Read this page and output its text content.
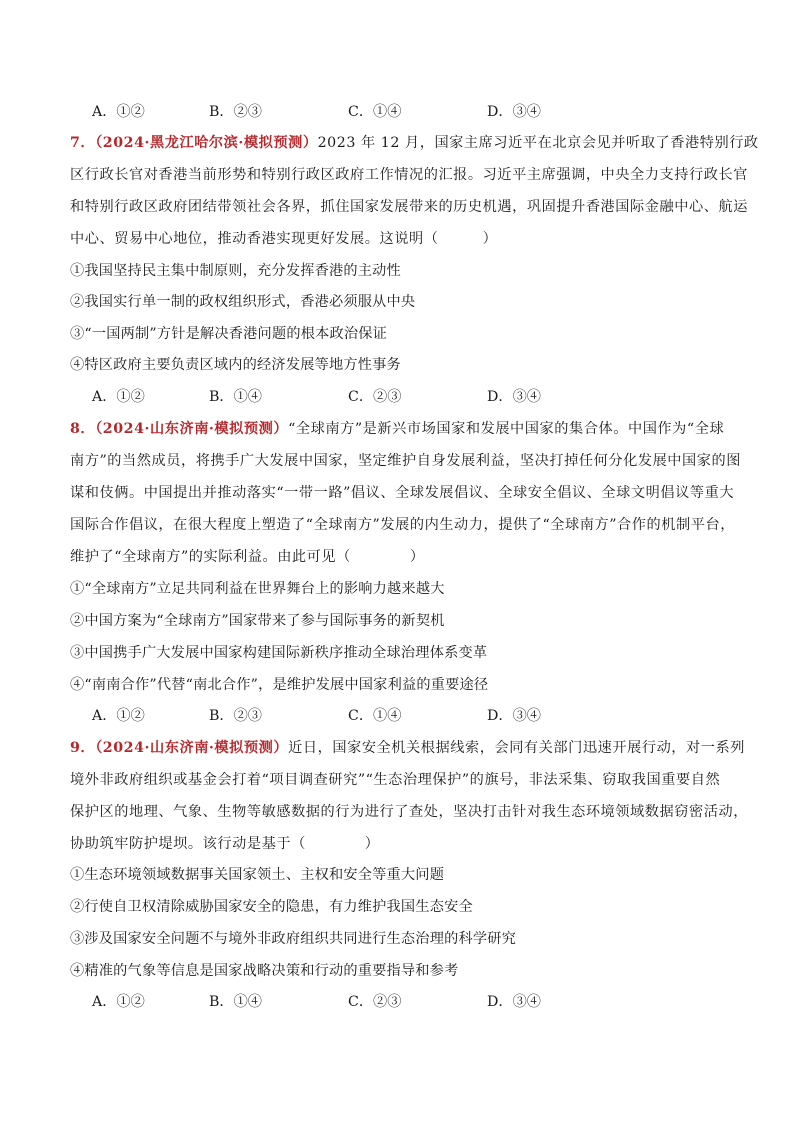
A．①②	B．②③	C．①④	D．③④
7．（2024·黑龙江哈尔滨·模拟预测）2023 年 12 月，国家主席习近平在北京会见并听取了香港特别行政
区行政长官对香港当前形势和特别行政区政府工作情况的汇报。习近平主席强调，中央全力支持行政长官
和特别行政区政府团结带领社会各界，抓住国家发展带来的历史机遇，巩固提升香港国际金融中心、航运
中心、贸易中心地位，推动香港实现更好发展。这说明（　　　）
①我国坚持民主集中制原则，充分发挥香港的主动性
②我国实行单一制的政权组织形式，香港必须服从中央
③“一国两制”方针是解决香港问题的根本政治保证
④特区政府主要负责区域内的经济发展等地方性事务
A．①②	B．①④	C．②③	D．③④
8．（2024·山东济南·模拟预测）“全球南方”是新兴市场国家和发展中国家的集合体。中国作为“全球
南方”的当然成员，将携手广大发展中国家，坚定维护自身发展利益，坚决打掉任何分化发展中国家的图
谋和伎俩。中国提出并推动落实“一带一路”倡议、全球发展倡议、全球安全倡议、全球文明倡议等重大
国际合作倡议，在很大程度上塑造了“全球南方”发展的内生动力，提供了“全球南方”合作的机制平台，
维护了“全球南方”的实际利益。由此可见（　　　　）
①“全球南方”立足共同利益在世界舞台上的影响力越来越大
②中国方案为“全球南方”国家带来了参与国际事务的新契机
③中国携手广大发展中国家构建国际新秩序推动全球治理体系变革
④“南南合作”代替“南北合作”，是维护发展中国家利益的重要途径
A．①②	B．②③	C．①④	D．③④
9．（2024·山东济南·模拟预测）近日，国家安全机关根据线索，会同有关部门迅速开展行动，对一系列
境外非政府组织或基金会打着“项目调查研究”“生态治理保护”的旗号，非法采集、窃取我国重要自然
保护区的地理、气象、生物等敏感数据的行为进行了查处，坚决打击针对我生态环境领域数据窃密活动，
协助筑牢防护堤坝。该行动是基于（　　　　）
①生态环境领域数据事关国家领土、主权和安全等重大问题
②行使自卫权清除威胁国家安全的隐患，有力维护我国生态安全
③涉及国家安全问题不与境外非政府组织共同进行生态治理的科学研究
④精准的气象等信息是国家战略决策和行动的重要指导和参考
A．①②	B．①④	C．②③	D．③④
